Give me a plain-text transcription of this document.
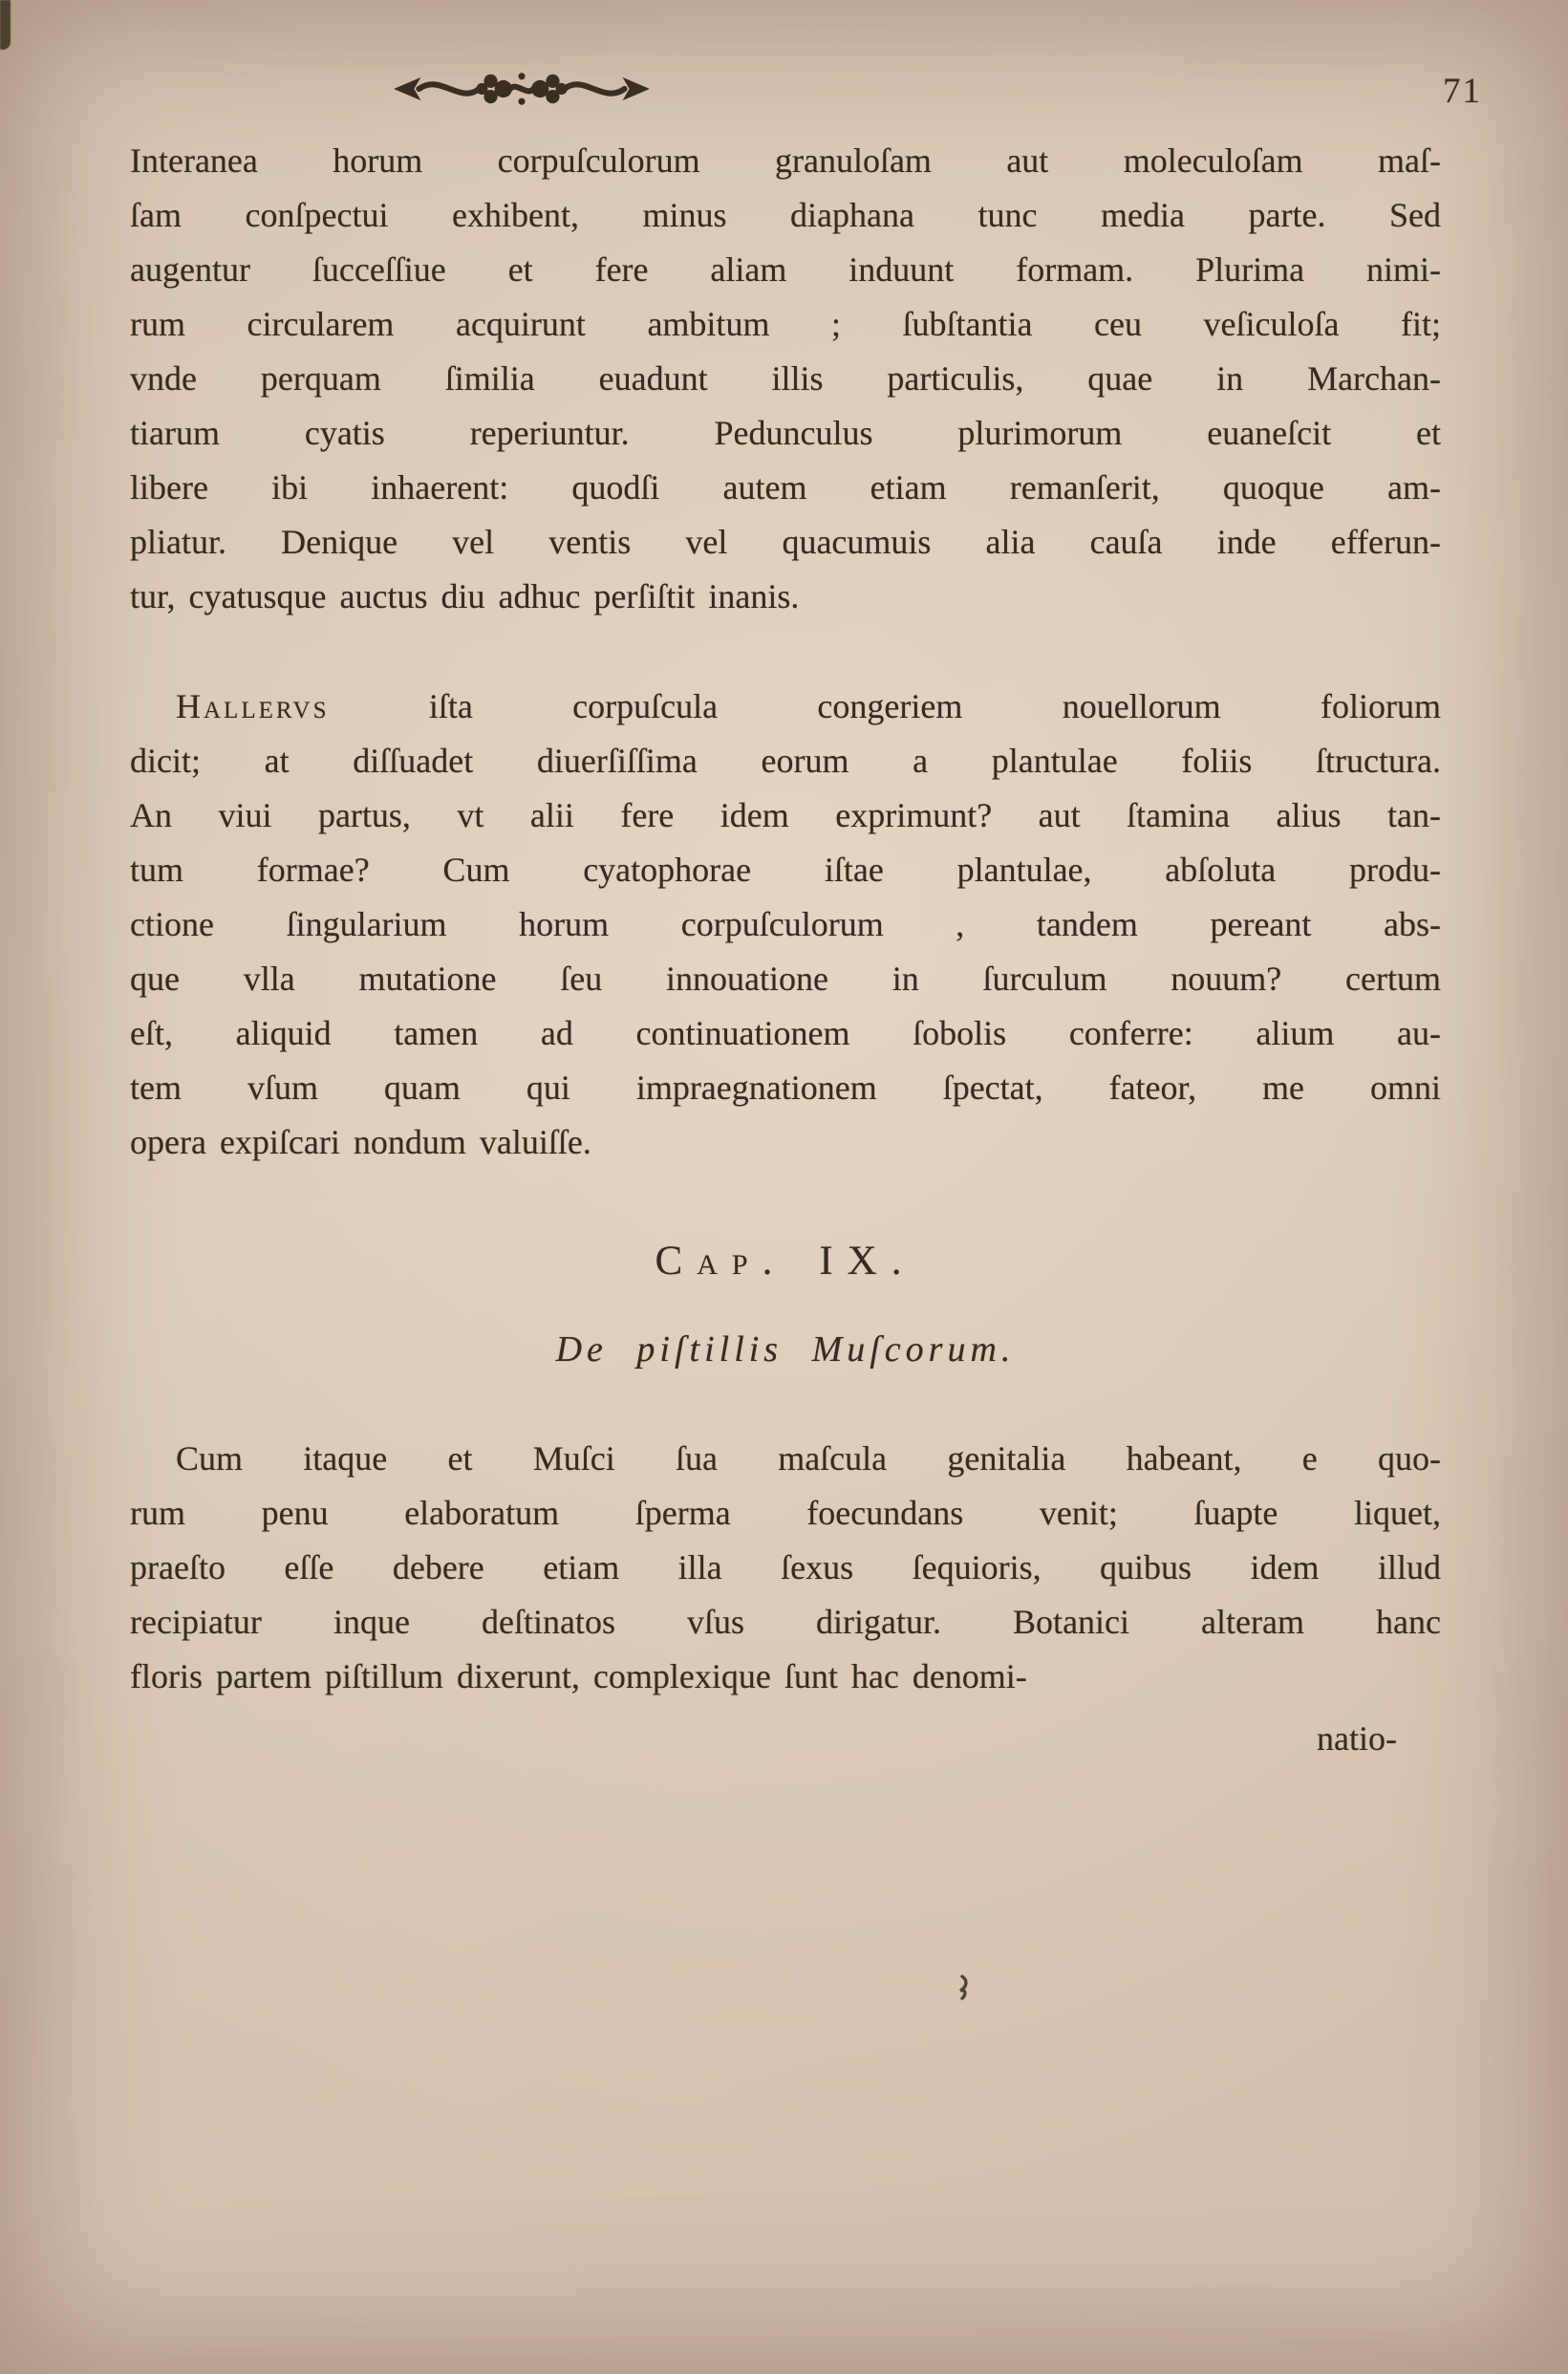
71
Interanea horum corpuſculorum granuloſam aut moleculoſam maſ-
ſam conſpectui exhibent, minus diaphana tunc media parte. Sed
augentur ſucceſſiue et fere aliam induunt formam. Plurima nimi-
rum circularem acquirunt ambitum ; ſubſtantia ceu veſiculoſa fit;
vnde perquam ſimilia euadunt illis particulis, quae in Marchan-
tiarum cyatis reperiuntur. Pedunculus plurimorum euaneſcit et
libere ibi inhaerent: quodſi autem etiam remanſerit, quoque am-
pliatur. Denique vel ventis vel quacumuis alia cauſa inde efferun-
tur, cyatusque auctus diu adhuc perſiſtit inanis.
Hallervs	iſta corpuſcula congeriem nouellorum foliorum
dicit; at diſſuadet diuerſiſſima eorum a plantulae foliis ſtructura.
An viui partus, vt alii fere idem exprimunt? aut ſtamina alius tan-
tum formae? Cum cyatophorae iſtae plantulae, abſoluta produ-
ctione ſingularium horum corpuſculorum , tandem pereant abs-
que vlla mutatione ſeu innouatione in ſurculum nouum? certum
eſt, aliquid tamen ad continuationem ſobolis conferre: alium au-
tem vſum quam qui impraegnationem ſpectat, fateor, me omni
opera expiſcari nondum valuiſſe.
Cap. IX.
De piſtillis Muſcorum.
Cum itaque et Muſci ſua maſcula genitalia habeant, e quo-
rum penu elaboratum ſperma foecundans venit; ſuapte liquet,
praeſto eſſe debere etiam illa ſexus ſequioris, quibus idem illud
recipiatur inque deſtinatos vſus dirigatur. Botanici alteram hanc
floris partem piſtillum dixerunt, complexique ſunt hac denomi-
natio-
